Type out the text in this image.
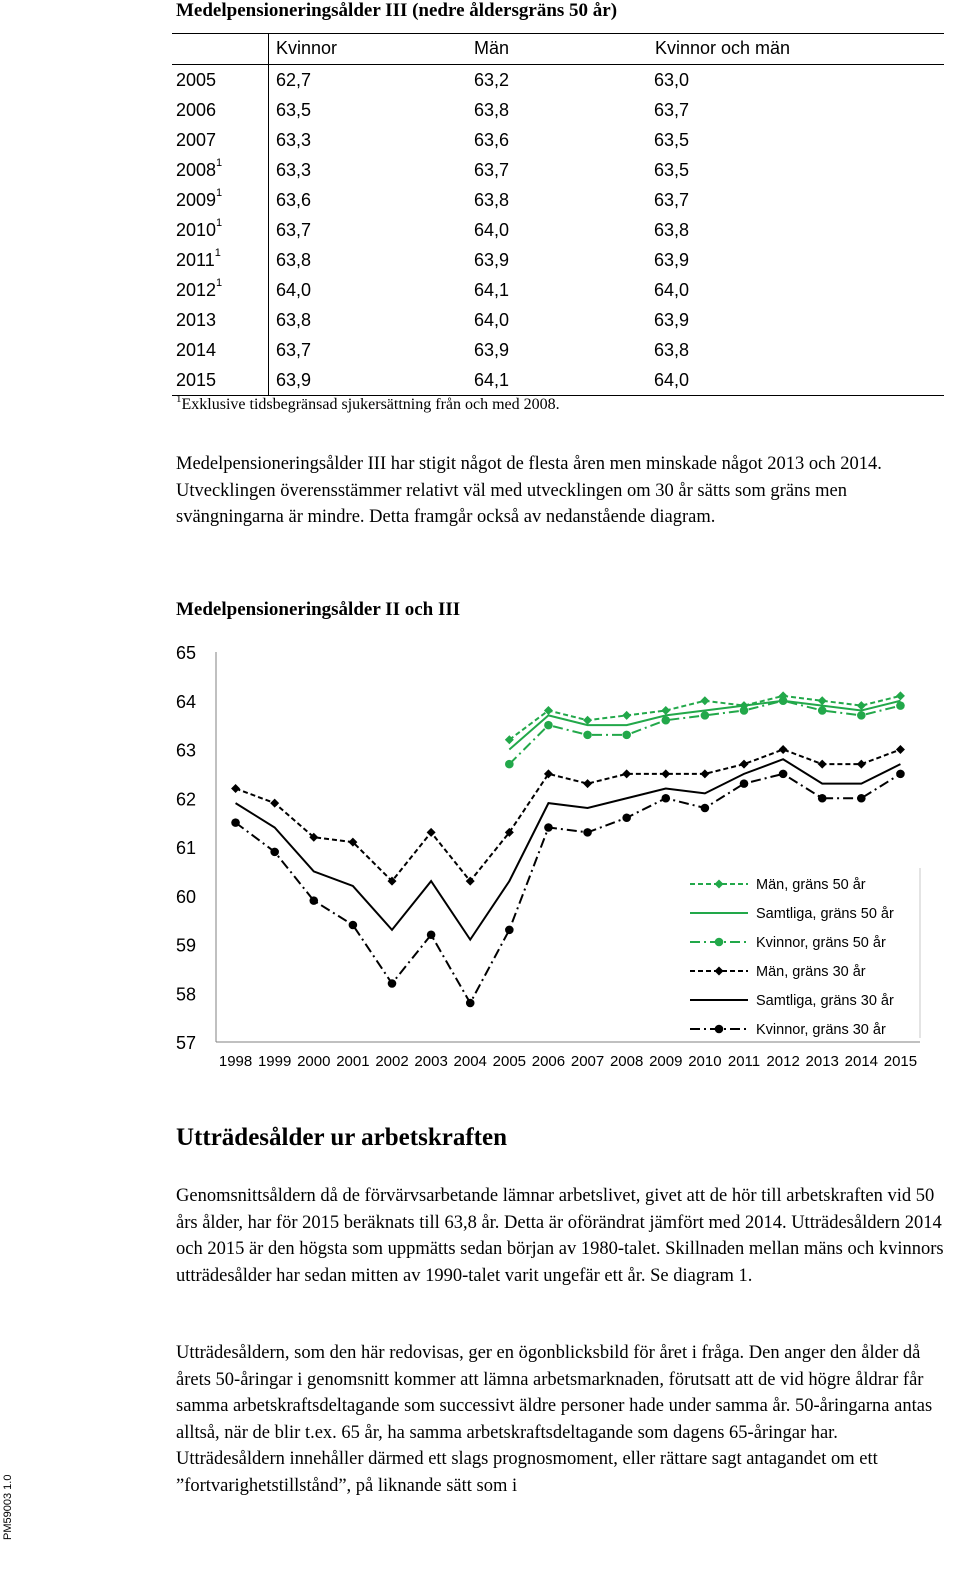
Medelpensioneringsålder III (nedre åldersgräns 50 år)
Kvinnor	Män	Kvinnor och män
2005	62,7	63,2	63,0
2006	63,5	63,8	63,7
2007	63,3	63,6	63,5
2008$^1$	63,3	63,7	63,5
2009$^1$	63,6	63,8	63,7
2010$^1$	63,7	64,0	63,8
2011$^1$	63,8	63,9	63,9
2012$^1$	64,0	64,1	64,0
2013	63,8	64,0	63,9
2014	63,7	63,9	63,8
2015	63,9	64,1	64,0
$^1$Exklusive tidsbegränsad sjukersättning från och med 2008.

Medelpensioneringsålder III har stigit något de flesta åren men minskade något 2013 och 2014. Utvecklingen överensstämmer relativt väl med utvecklingen om 30 år sätts som gräns men svängningarna är mindre. Detta framgår också av nedanstående diagram.

Medelpensioneringsålder II och III
57
58
59
60
61
62
63
64
65
1998 1999 2000 2001 2002 2003 2004 2005 2006 2007 2008 2009 2010 2011 2012 2013 2014 2015
Män, gräns 50 år
Samtliga, gräns 50 år
Kvinnor, gräns 50 år
Män, gräns 30 år
Samtliga, gräns 30 år
Kvinnor, gräns 30 år
Utträdesålder ur arbetskraften

Genomsnittsåldern då de förvärvsarbetande lämnar arbetslivet, givet att de hör till arbetskraften vid 50 års ålder, har för 2015 beräknats till 63,8 år. Detta är oförändrat jämfört med 2014. Utträdesåldern 2014 och 2015 är den högsta som uppmätts sedan början av 1980-talet. Skillnaden mellan mäns och kvinnors utträdesålder har sedan mitten av 1990-talet varit ungefär ett år. Se diagram 1.

Utträdesåldern, som den här redovisas, ger en ögonblicksbild för året i fråga. Den anger den ålder då årets 50-åringar i genomsnitt kommer att lämna arbetsmarknaden, förutsatt att de vid högre åldrar får samma arbetskraftsdeltagande som successivt äldre personer hade under samma år. 50-åringarna antas alltså, när de blir t.ex. 65 år, ha samma arbetskraftsdeltagande som dagens 65-åringar har. Utträdesåldern innehåller därmed ett slags prognosmoment, eller rättare sagt antagandet om ett ”fortvarighetstillstånd”, på liknande sätt som i

PM59003 1.0
